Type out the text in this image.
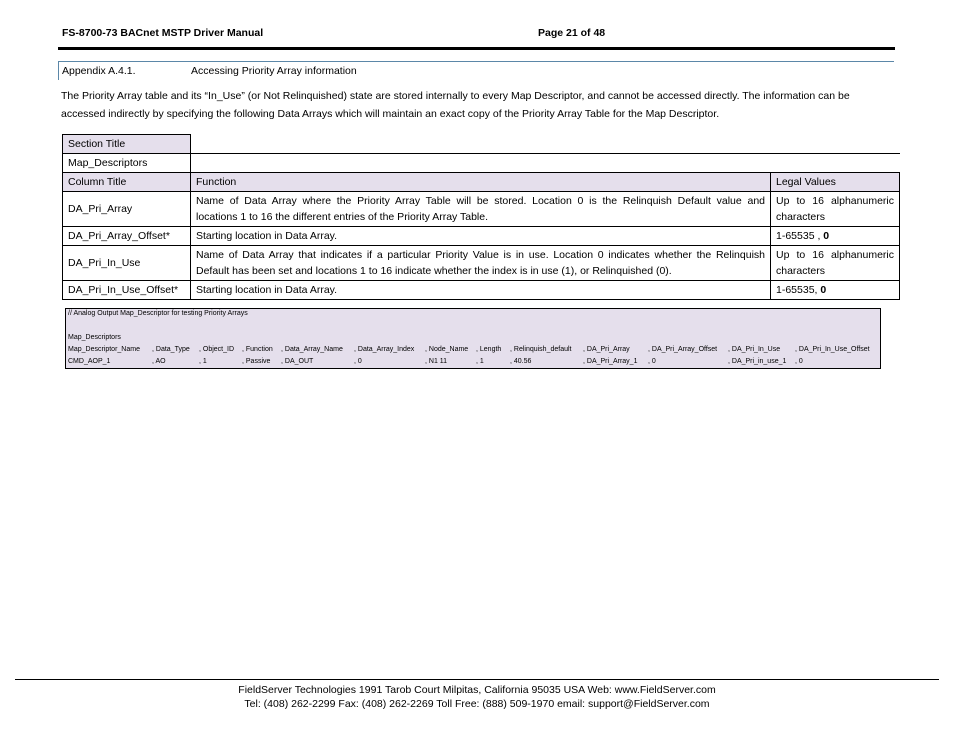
FS-8700-73 BACnet MSTP Driver Manual	Page 21 of 48
Appendix A.4.1.	Accessing Priority Array information
The Priority Array table and its “In_Use” (or Not Relinquished) state are stored internally to every Map Descriptor, and cannot be accessed directly. The information can be accessed indirectly by specifying the following Data Arrays which will maintain an exact copy of the Priority Array Table for the Map Descriptor.
Section Title		
Map_Descriptors		
Column Title	Function	Legal Values
DA_Pri_Array	Name of Data Array where the Priority Array Table will be stored. Location 0 is the Relinquish Default value and
locations 1 to 16 the different entries of the Priority Array Table.	Up to 16 alphanumeric
characters

DA_Pri_Array_Offset*	Starting location in Data Array.	1-65535 , 0
DA_Pri_In_Use	Name of Data Array that indicates if a particular Priority Value is in use. Location 0 indicates whether the Relinquish
Default has been set and locations 1 to 16 indicate whether the index is in use (1), or Relinquished (0).	Up to 16 alphanumeric
characters

DA_Pri_In_Use_Offset*	Starting location in Data Array.	1-65535, 0
// Analog Output Map_Descriptor for testing Priority Arrays
Map_Descriptors
Map_Descriptor_Name , Data_Type , Object_ID , Function , Data_Array_Name , Data_Array_Index , Node_Name , Length , Relinquish_default , DA_Pri_Array	, DA_Pri_Array_Offset , DA_Pri_In_Use , DA_Pri_In_Use_Offset
CMD_AOP_1	, AO	, 1	, Passive , DA_OUT	, 0	, N1 11	, 1	, 40.56	, DA_Pri_Array_1 , 0	, DA_Pri_in_use_1 , 0
FieldServer Technologies 1991 Tarob Court Milpitas, California 95035 USA Web: www.FieldServer.com
Tel: (408) 262-2299 Fax: (408) 262-2269 Toll Free: (888) 509-1970 email: support@FieldServer.com
